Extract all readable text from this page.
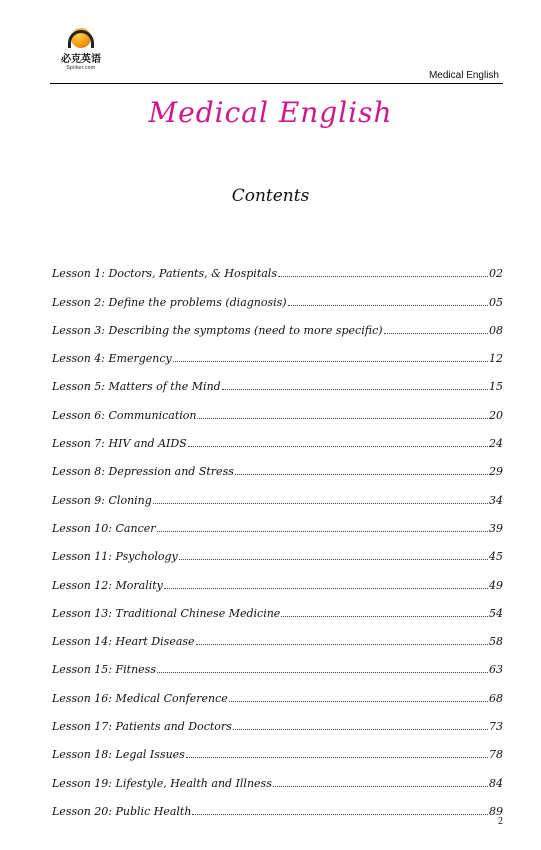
必克英语
Spiiker.com
Medical English
Medical English
Contents
Lesson 1: Doctors, Patients, & Hospitals	02
Lesson 2: Define the problems (diagnosis)	05
Lesson 3: Describing the symptoms (need to more specific)	08
Lesson 4: Emergency	12
Lesson 5: Matters of the Mind	15
Lesson 6: Communication	20
Lesson 7: HIV and AIDS	24
Lesson 8: Depression and Stress	29
Lesson 9: Cloning	34
Lesson 10: Cancer	39
Lesson 11: Psychology	45
Lesson 12: Morality	49
Lesson 13: Traditional Chinese Medicine	54
Lesson 14: Heart Disease	58
Lesson 15: Fitness	63
Lesson 16: Medical Conference	68
Lesson 17: Patients and Doctors	73
Lesson 18: Legal Issues	78
Lesson 19: Lifestyle, Health and Illness	84
Lesson 20: Public Health	89
2
